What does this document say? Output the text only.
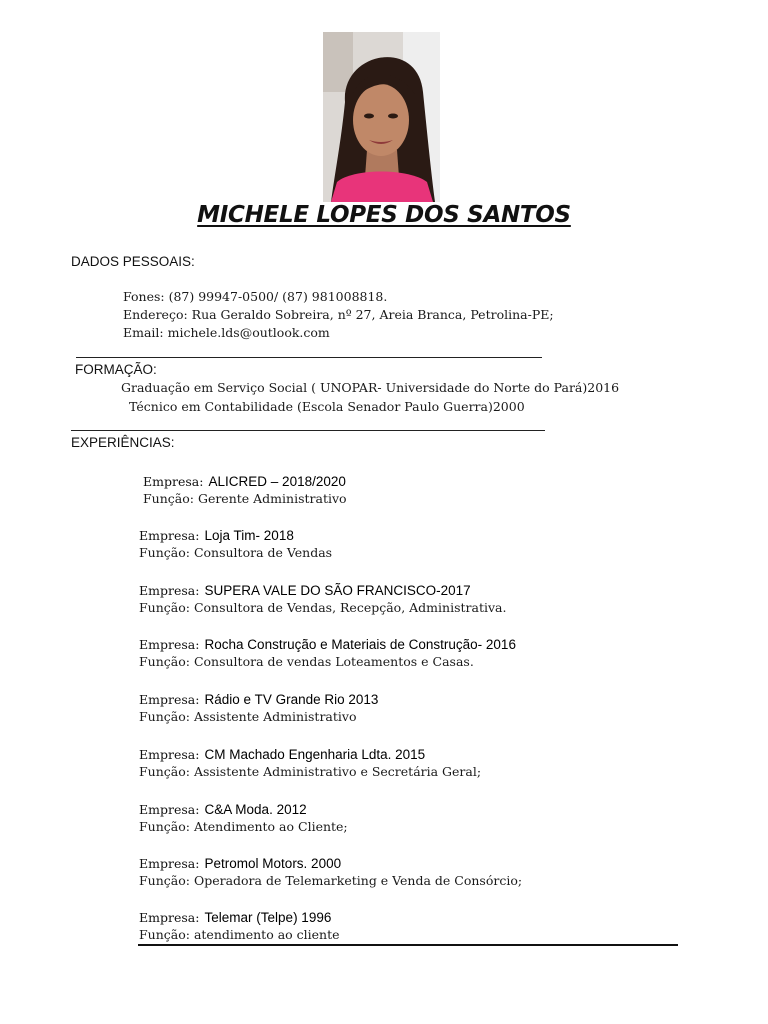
MICHELE LOPES DOS SANTOS
DADOS PESSOAIS:
Fones: (87) 99947-0500/ (87) 981008818.
Endereço: Rua Geraldo Sobreira, nº 27, Areia Branca, Petrolina-PE;
Email: michele.lds@outlook.com
FORMAÇÃO:
Graduação em Serviço Social ( UNOPAR- Universidade do Norte do Pará)2016
Técnico em Contabilidade (Escola Senador Paulo Guerra)2000
EXPERIÊNCIAS:
Empresa: ALICRED – 2018/2020
Função: Gerente Administrativo
Empresa: Loja Tim- 2018
Função: Consultora de Vendas
Empresa: SUPERA VALE DO SÃO FRANCISCO-2017
Função: Consultora de Vendas, Recepção, Administrativa.
Empresa: Rocha Construção e Materiais de Construção- 2016
Função: Consultora de vendas Loteamentos e Casas.
Empresa: Rádio e TV Grande Rio 2013
Função: Assistente Administrativo
Empresa: CM Machado Engenharia Ldta. 2015
Função: Assistente Administrativo e Secretária Geral;
Empresa: C&A Moda. 2012
Função: Atendimento ao Cliente;
Empresa: Petromol Motors. 2000
Função: Operadora de Telemarketing e Venda de Consórcio;
Empresa: Telemar (Telpe) 1996
Função: atendimento ao cliente
